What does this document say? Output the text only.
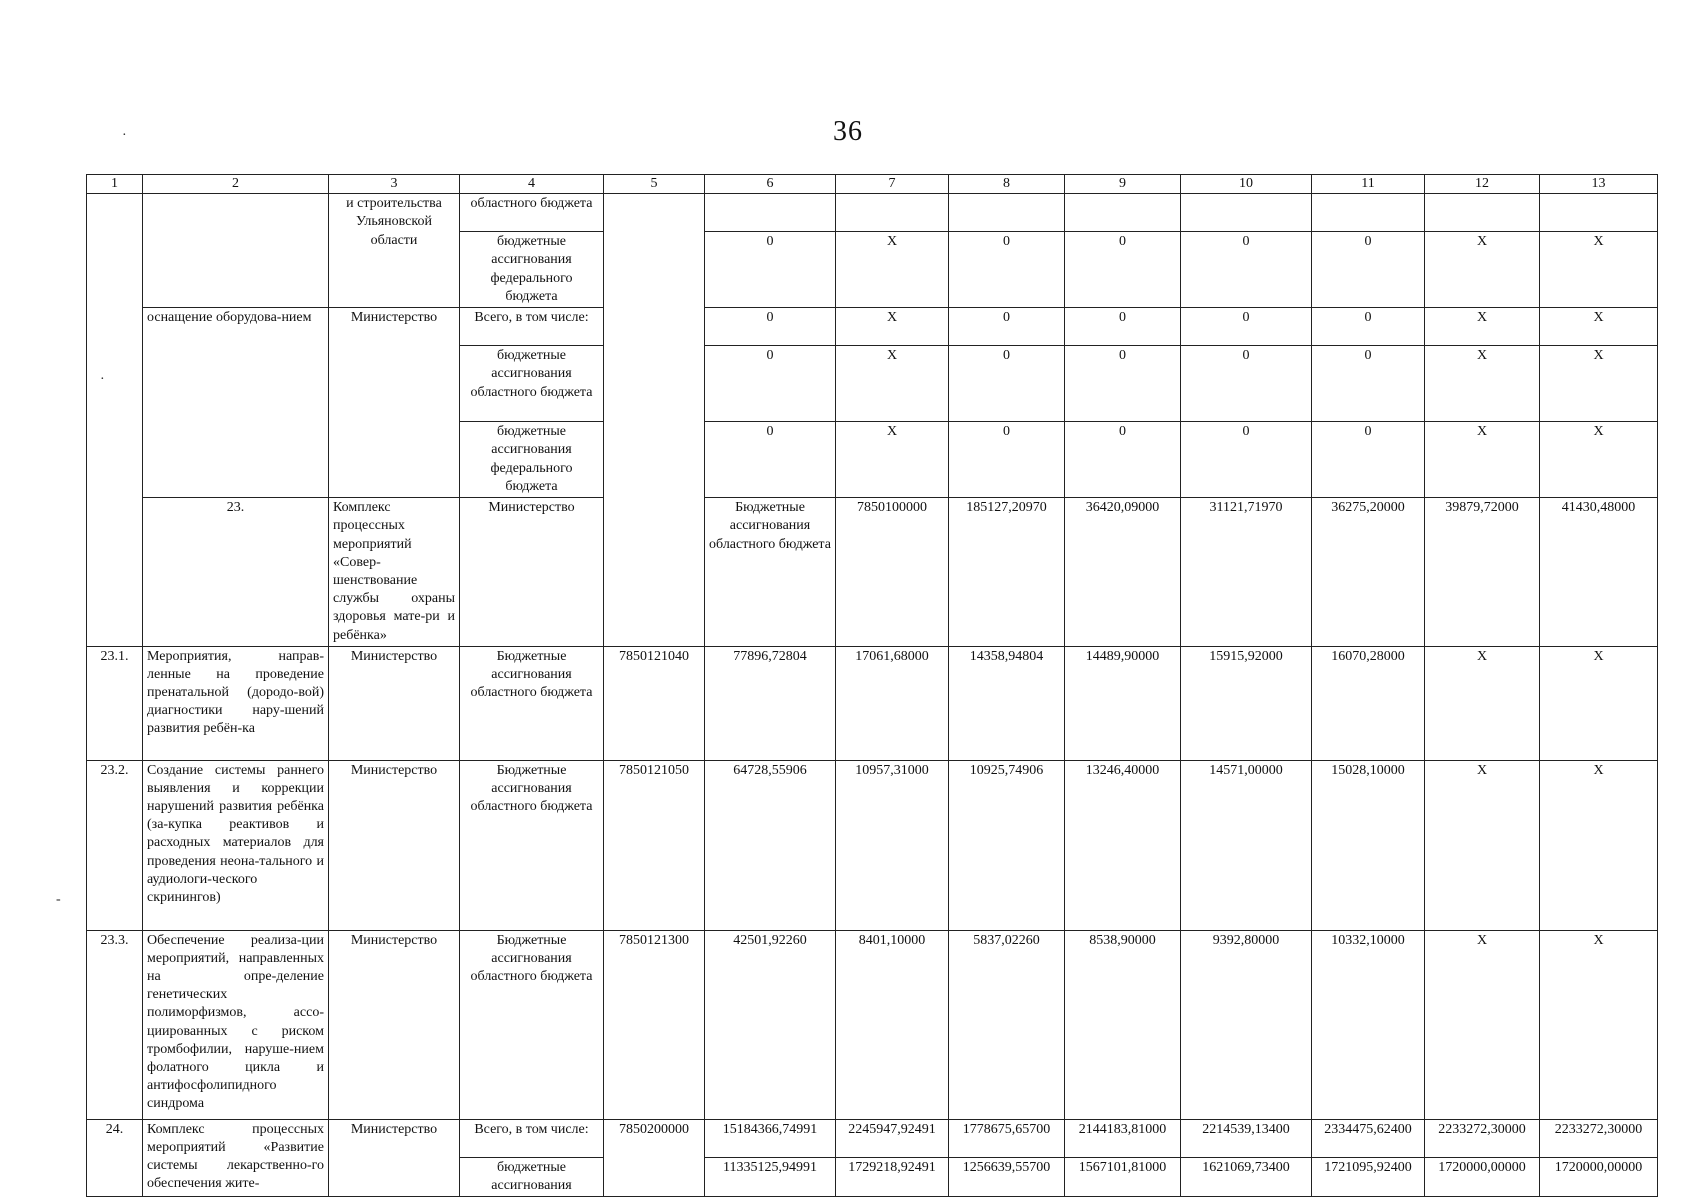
36
·
·
-
1	2	3	4	5	6	7	8	9	10	11	12	13	
		и строительства Ульяновской области	областного бюджета										
			бюджетные ассигнования федерального бюджета		0	Х	0	0	0	0	Х	Х	
	оснащение оборудова-нием	Министерство	Всего, в том числе:		0	Х	0	0	0	0	Х	Х	
			бюджетные ассигнования областного бюджета		0	Х	0	0	0	0	Х	Х	
			бюджетные ассигнования федерального бюджета		0	Х	0	0	0	0	Х	Х	
	23.	Комплекс процессных мероприятий «Совер-шенствование службы охраны здоровья мате-ри и ребёнка»	Министерство		Бюджетные ассигнования областного бюджета	7850100000	185127,20970	36420,09000	31121,71970	36275,20000	39879,72000	41430,48000		
23.1.	Мероприятия, направ-ленные на проведение пренатальной (дородо-вой) диагностики нару-шений развития ребён-ка	Министерство	Бюджетные ассигнования областного бюджета	7850121040	77896,72804	17061,68000	14358,94804	14489,90000	15915,92000	16070,28000	Х	Х	
23.2.	Создание системы раннего выявления и коррекции нарушений развития ребёнка (за-купка реактивов и расходных материалов для проведения неона-тального и аудиологи-ческого скринингов)	Министерство	Бюджетные ассигнования областного бюджета	7850121050	64728,55906	10957,31000	10925,74906	13246,40000	14571,00000	15028,10000	Х	Х	
23.3.	Обеспечение реализа-ции мероприятий, направленных на опре-деление генетических полиморфизмов, ассо-циированных с риском тромбофилии, наруше-нием фолатного цикла и антифосфолипидного синдрома	Министерство	Бюджетные ассигнования областного бюджета	7850121300	42501,92260	8401,10000	5837,02260	8538,90000	9392,80000	10332,10000	Х	Х	
24.	Комплекс процессных мероприятий «Развитие системы лекарственно-го обеспечения жите-	Министерство	Всего, в том числе:	7850200000	15184366,74991	2245947,92491	1778675,65700	2144183,81000	2214539,13400	2334475,62400	2233272,30000	2233272,30000	
			бюджетные ассигнования		11335125,94991	1729218,92491	1256639,55700	1567101,81000	1621069,73400	1721095,92400	1720000,00000	1720000,00000	
